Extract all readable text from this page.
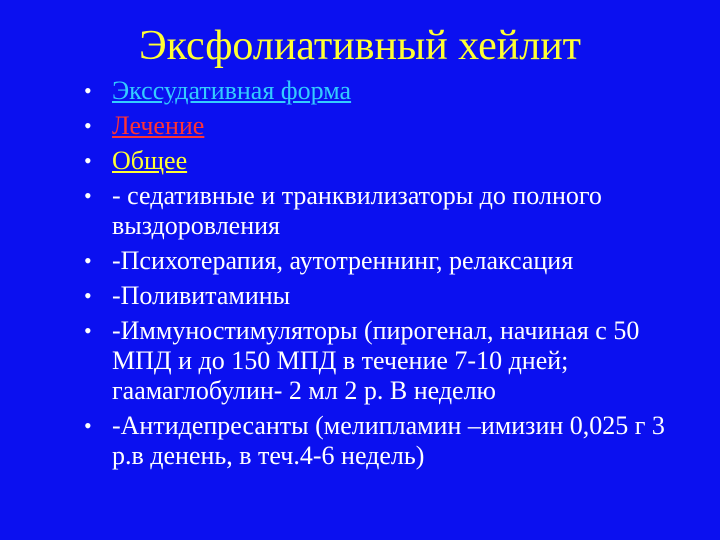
Эксфолиативный хейлит
• Экссудативная форма
• Лечение
• Общее
• - седативные и транквилизаторы до полного выздоровления
• -Психотерапия, аутотреннинг, релаксация
• -Поливитамины
• -Иммуностимуляторы (пирогенал, начиная с 50 МПД и до 150 МПД в течение 7-10 дней; гаамаглобулин- 2 мл 2 р. В неделю
• -Антидепресанты (мелипламин –имизин 0,025 г 3 р.в денень, в теч.4-6 недель)
